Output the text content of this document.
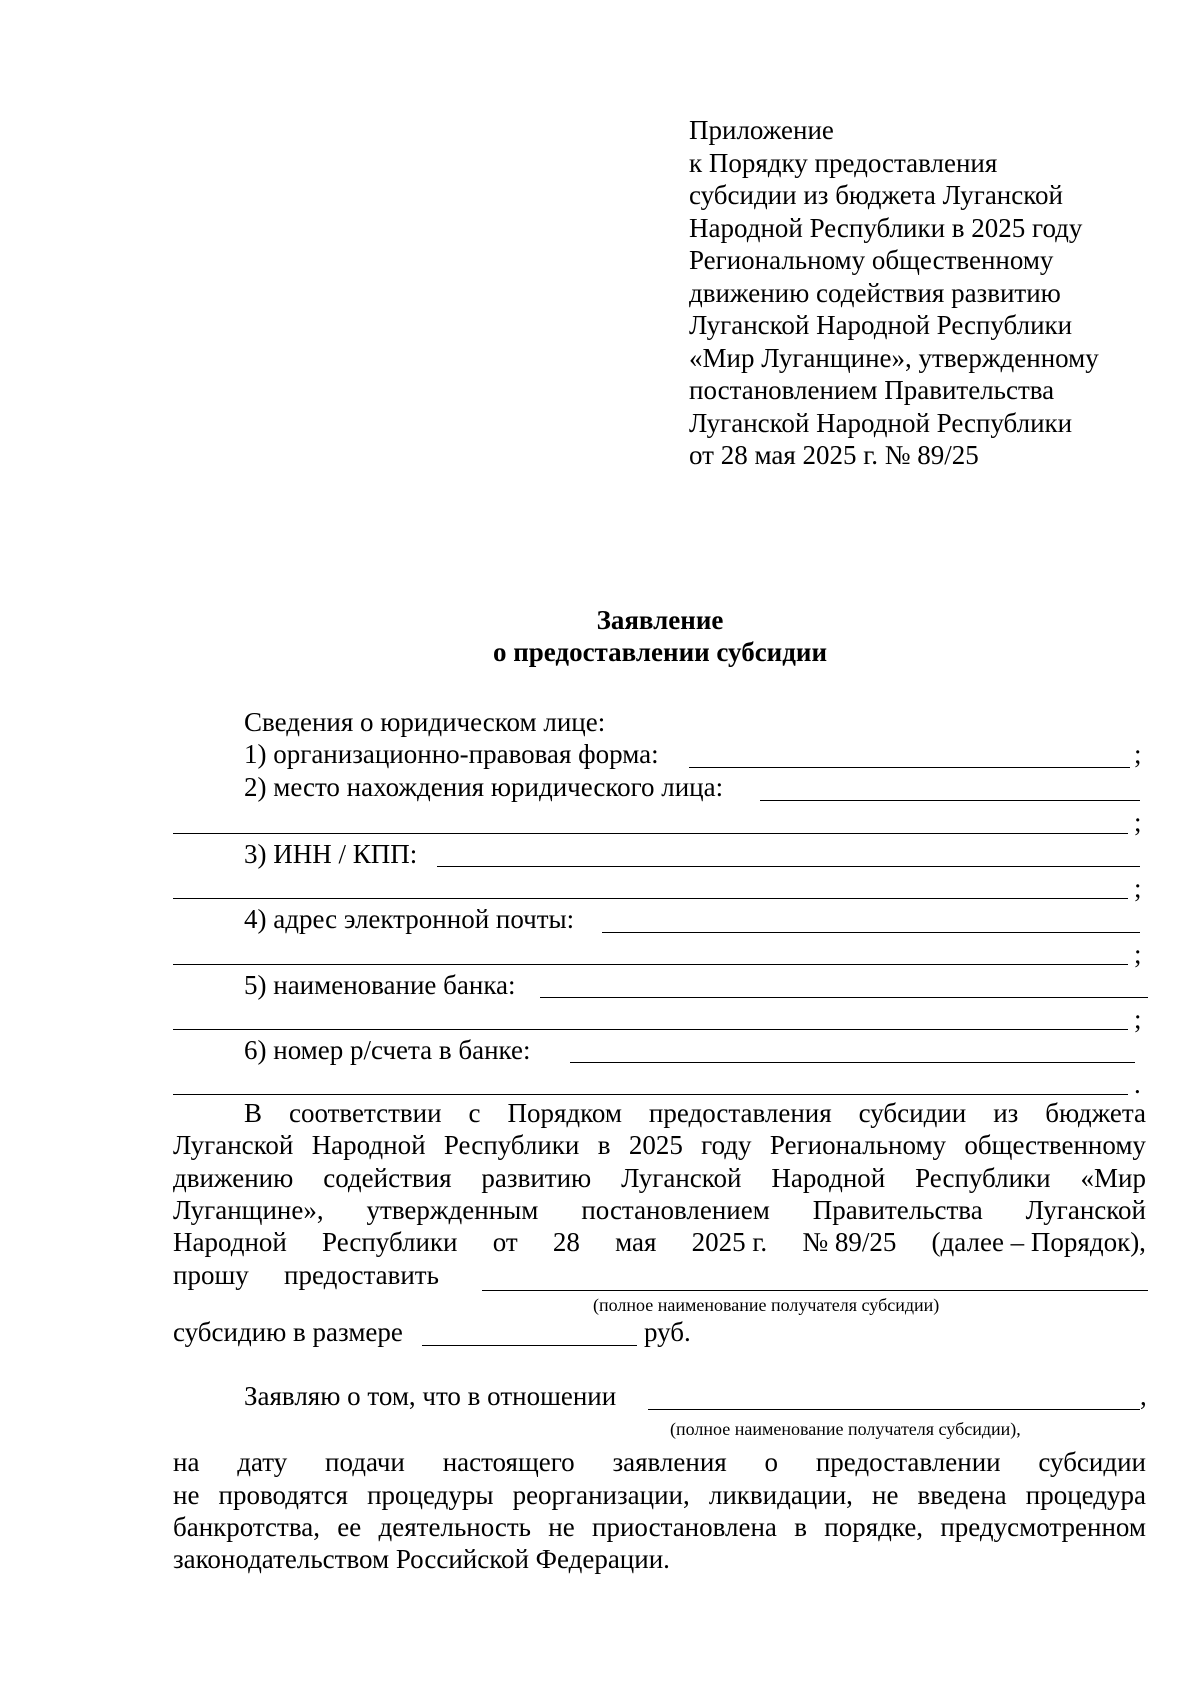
Приложение
к Порядку предоставления
субсидии из бюджета Луганской
Народной Республики в 2025 году
Региональному общественному
движению содействия развитию
Луганской Народной Республики
«Мир Луганщине», утвержденному
постановлением Правительства
Луганской Народной Республики
от 28 мая 2025 г. № 89/25
Заявление
о предоставлении субсидии
Сведения о юридическом лице:
1) организационно-правовая форма:	;
2) место нахождения юридического лица:
;
3) ИНН / КПП:
;
4) адрес электронной почты:
;
5) наименование банка:
;
6) номер р/счета в банке:
.
В соответствии с Порядком предоставления субсидии из бюджета
Луганской Народной Республики в 2025 году Региональному общественному
движению содействия развитию Луганской Народной Республики «Мир
Луганщине», утвержденным постановлением Правительства Луганской
Народной Республики от 28 мая 2025 г. № 89/25 (далее – Порядок),
прошу предоставить
(полное наименование получателя субсидии)
субсидию в размере	руб.
Заявляю о том, что в отношении	,
(полное наименование получателя субсидии),
на дату подачи настоящего заявления о предоставлении субсидии
не проводятся процедуры реорганизации, ликвидации, не введена процедура
банкротства, ее деятельность не приостановлена в порядке, предусмотренном
законодательством Российской Федерации.
